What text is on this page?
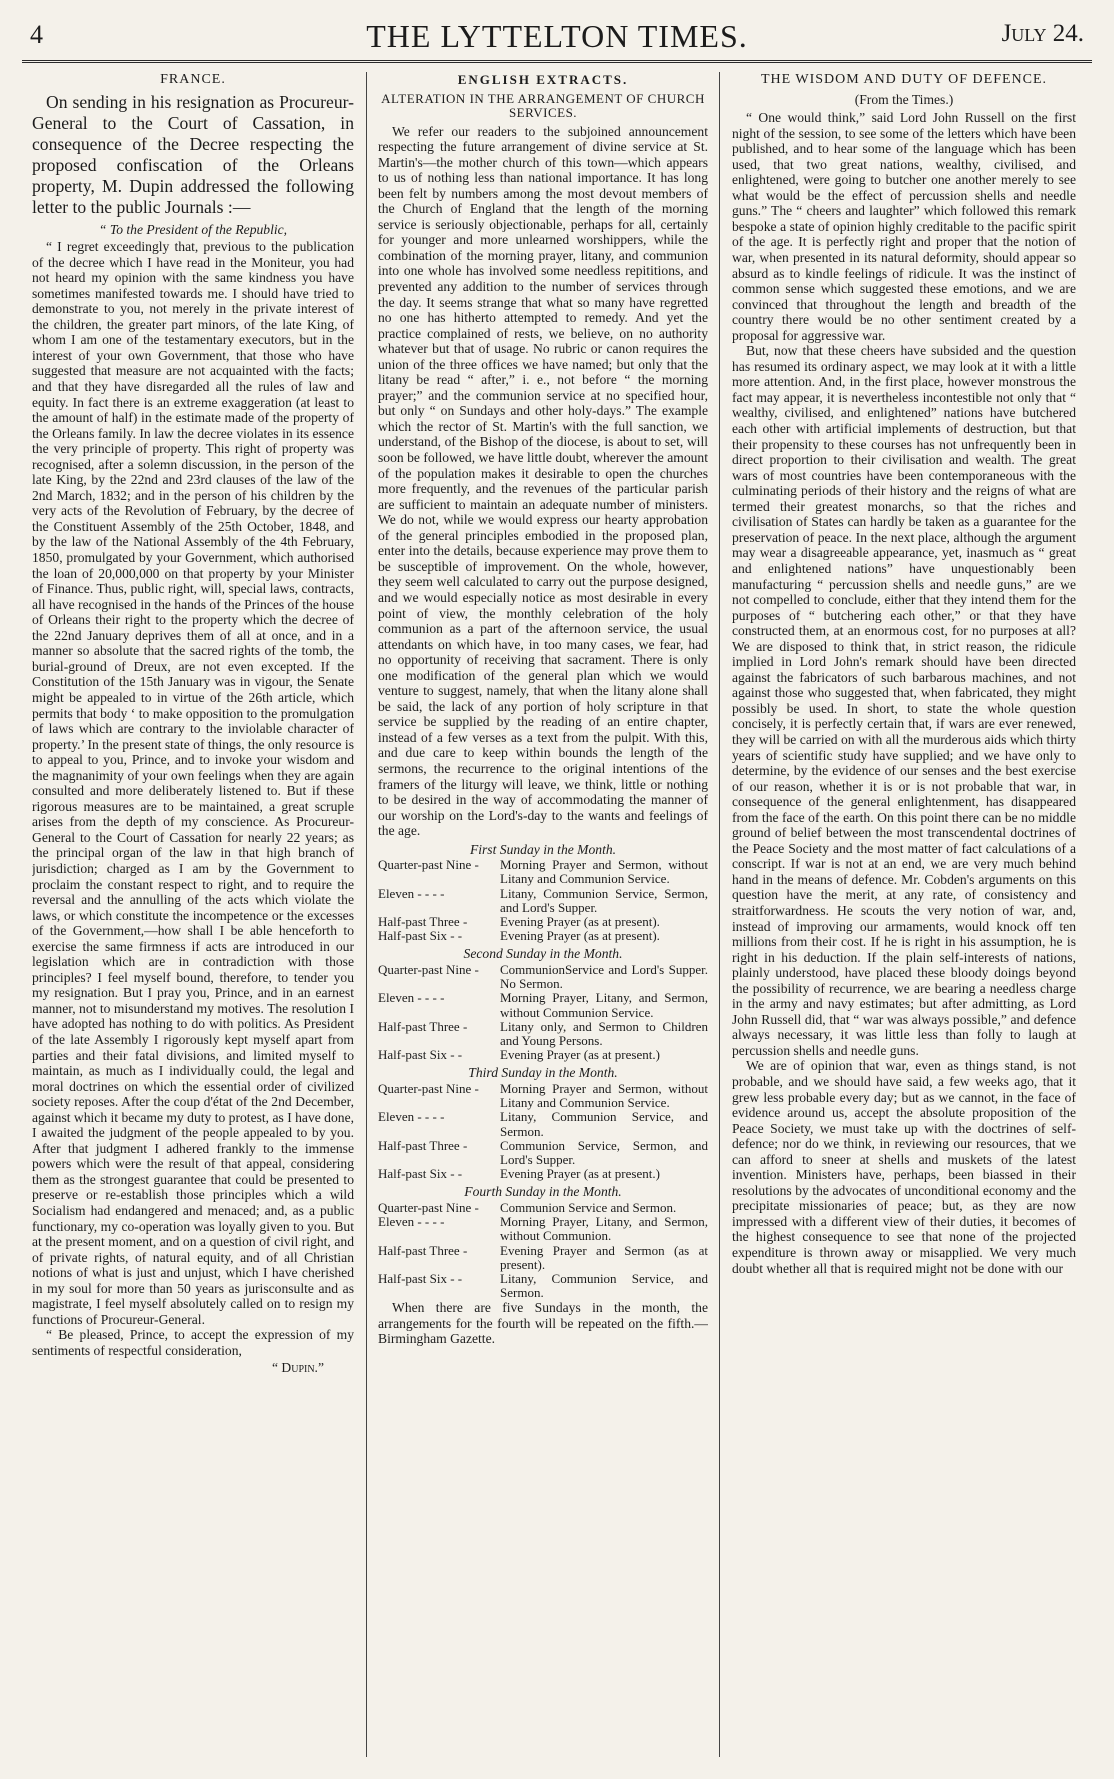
4	THE LYTTELTON TIMES.	July 24.
FRANCE.

On sending in his resignation as Procureur-General to the Court of Cassation, in consequence of the Decree respecting the proposed confiscation of the Orleans property, M. Dupin addressed the following letter to the public Journals :—

“ To the President of the Republic,

“ I regret exceedingly that, previous to the publication of the decree which I have read in the Moniteur, you had not heard my opinion with the same kindness you have sometimes manifested towards me. I should have tried to demonstrate to you, not merely in the private interest of the children, the greater part minors, of the late King, of whom I am one of the testamentary executors, but in the interest of your own Government, that those who have suggested that measure are not acquainted with the facts; and that they have disregarded all the rules of law and equity. In fact there is an extreme exaggeration (at least to the amount of half) in the estimate made of the property of the Orleans family. In law the decree violates in its essence the very principle of property. This right of property was recognised, after a solemn discussion, in the person of the late King, by the 22nd and 23rd clauses of the law of the 2nd March, 1832; and in the person of his children by the very acts of the Revolution of February, by the decree of the Constituent Assembly of the 25th October, 1848, and by the law of the National Assembly of the 4th February, 1850, promulgated by your Government, which authorised the loan of 20,000,000 on that property by your Minister of Finance. Thus, public right, will, special laws, contracts, all have recognised in the hands of the Princes of the house of Orleans their right to the property which the decree of the 22nd January deprives them of all at once, and in a manner so absolute that the sacred rights of the tomb, the burial-ground of Dreux, are not even excepted. If the Constitution of the 15th January was in vigour, the Senate might be appealed to in virtue of the 26th article, which permits that body ‘ to make opposition to the promulgation of laws which are contrary to the inviolable character of property.’ In the present state of things, the only resource is to appeal to you, Prince, and to invoke your wisdom and the magnanimity of your own feelings when they are again consulted and more deliberately listened to. But if these rigorous measures are to be maintained, a great scruple arises from the depth of my conscience. As Procureur-General to the Court of Cassation for nearly 22 years; as the principal organ of the law in that high branch of jurisdiction; charged as I am by the Government to proclaim the constant respect to right, and to require the reversal and the annulling of the acts which violate the laws, or which constitute the incompetence or the excesses of the Government,—how shall I be able henceforth to exercise the same firmness if acts are introduced in our legislation which are in contradiction with those principles? I feel myself bound, therefore, to tender you my resignation. But I pray you, Prince, and in an earnest manner, not to misunderstand my motives. The resolution I have adopted has nothing to do with politics. As President of the late Assembly I rigorously kept myself apart from parties and their fatal divisions, and limited myself to maintain, as much as I individually could, the legal and moral doctrines on which the essential order of civilized society reposes. After the coup d'état of the 2nd December, against which it became my duty to protest, as I have done, I awaited the judgment of the people appealed to by you. After that judgment I adhered frankly to the immense powers which were the result of that appeal, considering them as the strongest guarantee that could be presented to preserve or re-establish those principles which a wild Socialism had endangered and menaced; and, as a public functionary, my co-operation was loyally given to you. But at the present moment, and on a question of civil right, and of private rights, of natural equity, and of all Christian notions of what is just and unjust, which I have cherished in my soul for more than 50 years as jurisconsulte and as magistrate, I feel myself absolutely called on to resign my functions of Procureur-General.

“ Be pleased, Prince, to accept the expression of my sentiments of respectful consideration,

“ Dupin.”
ENGLISH EXTRACTS.
ALTERATION IN THE ARRANGEMENT OF CHURCH SERVICES.

We refer our readers to the subjoined announcement respecting the future arrangement of divine service at St. Martin's—the mother church of this town—which appears to us of nothing less than national importance. It has long been felt by numbers among the most devout members of the Church of England that the length of the morning service is seriously objectionable, perhaps for all, certainly for younger and more unlearned worshippers, while the combination of the morning prayer, litany, and communion into one whole has involved some needless repititions, and prevented any addition to the number of services through the day. It seems strange that what so many have regretted no one has hitherto attempted to remedy. And yet the practice complained of rests, we believe, on no authority whatever but that of usage. No rubric or canon requires the union of the three offices we have named; but only that the litany be read “ after,” i. e., not before “ the morning prayer;” and the communion service at no specified hour, but only “ on Sundays and other holy-days.” The example which the rector of St. Martin's with the full sanction, we understand, of the Bishop of the diocese, is about to set, will soon be followed, we have little doubt, wherever the amount of the population makes it desirable to open the churches more frequently, and the revenues of the particular parish are sufficient to maintain an adequate number of ministers. We do not, while we would express our hearty approbation of the general principles embodied in the proposed plan, enter into the details, because experience may prove them to be susceptible of improvement. On the whole, however, they seem well calculated to carry out the purpose designed, and we would especially notice as most desirable in every point of view, the monthly celebration of the holy communion as a part of the afternoon service, the usual attendants on which have, in too many cases, we fear, had no opportunity of receiving that sacrament. There is only one modification of the general plan which we would venture to suggest, namely, that when the litany alone shall be said, the lack of any portion of holy scripture in that service be supplied by the reading of an entire chapter, instead of a few verses as a text from the pulpit. With this, and due care to keep within bounds the length of the sermons, the recurrence to the original intentions of the framers of the liturgy will leave, we think, little or nothing to be desired in the way of accommodating the manner of our worship on the Lord's-day to the wants and feelings of the age.

First Sunday in the Month.
Quarter-past Nine -	Morning Prayer and Sermon, without Litany and Communion Service.
Eleven - - - -	Litany, Communion Service, Sermon, and Lord's Supper.
Half-past Three -	Evening Prayer (as at present).
Half-past Six - -	Evening Prayer (as at present).
Second Sunday in the Month.
Quarter-past Nine -	CommunionService and Lord's Supper. No Sermon.
Eleven - - - -	Morning Prayer, Litany, and Sermon, without Communion Service.
Half-past Three -	Litany only, and Sermon to Children and Young Persons.
Half-past Six - -	Evening Prayer (as at present.)
Third Sunday in the Month.
Quarter-past Nine -	Morning Prayer and Sermon, without Litany and Communion Service.
Eleven - - - -	Litany, Communion Service, and Sermon.
Half-past Three -	Communion Service, Sermon, and Lord's Supper.
Half-past Six - -	Evening Prayer (as at present.)
Fourth Sunday in the Month.
Quarter-past Nine -	Communion Service and Sermon.
Eleven - - - -	Morning Prayer, Litany, and Sermon, without Communion.
Half-past Three -	Evening Prayer and Sermon (as at present).
Half-past Six - -	Litany, Communion Service, and Sermon.

When there are five Sundays in the month, the arrangements for the fourth will be repeated on the fifth.—Birmingham Gazette.

THE WISDOM AND DUTY OF DEFENCE.
(From the Times.)

“ One would think,” said Lord John Russell on the first night of the session, to see some of the letters which have been published, and to hear some of the language which has been used, that two great nations, wealthy, civilised, and enlightened, were going to butcher one another merely to see what would be the effect of percussion shells and needle guns.” The “ cheers and laughter” which followed this remark bespoke a state of opinion highly creditable to the pacific spirit of the age. It is perfectly right and proper that the notion of war, when presented in its natural deformity, should appear so absurd as to kindle feelings of ridicule. It was the instinct of common sense which suggested these emotions, and we are convinced that throughout the length and breadth of the country there would be no other sentiment created by a proposal for aggressive war.

But, now that these cheers have subsided and the question has resumed its ordinary aspect, we may look at it with a little more attention. And, in the first place, however monstrous the fact may appear, it is nevertheless incontestible not only that “ wealthy, civilised, and enlightened” nations have butchered each other with artificial implements of destruction, but that their propensity to these courses has not unfrequently been in direct proportion to their civilisation and wealth. The great wars of most countries have been contemporaneous with the culminating periods of their history and the reigns of what are termed their greatest monarchs, so that the riches and civilisation of States can hardly be taken as a guarantee for the preservation of peace. In the next place, although the argument may wear a disagreeable appearance, yet, inasmuch as “ great and enlightened nations” have unquestionably been manufacturing “ percussion shells and needle guns,” are we not compelled to conclude, either that they intend them for the purposes of “ butchering each other,” or that they have constructed them, at an enormous cost, for no purposes at all? We are disposed to think that, in strict reason, the ridicule implied in Lord John's remark should have been directed against the fabricators of such barbarous machines, and not against those who suggested that, when fabricated, they might possibly be used. In short, to state the whole question concisely, it is perfectly certain that, if wars are ever renewed, they will be carried on with all the murderous aids which thirty years of scientific study have supplied; and we have only to determine, by the evidence of our senses and the best exercise of our reason, whether it is or is not probable that war, in consequence of the general enlightenment, has disappeared from the face of the earth. On this point there can be no middle ground of belief between the most transcendental doctrines of the Peace Society and the most matter of fact calculations of a conscript. If war is not at an end, we are very much behind hand in the means of defence. Mr. Cobden's arguments on this question have the merit, at any rate, of consistency and straitforwardness. He scouts the very notion of war, and, instead of improving our armaments, would knock off ten millions from their cost. If he is right in his assumption, he is right in his deduction. If the plain self-interests of nations, plainly understood, have placed these bloody doings beyond the possibility of recurrence, we are bearing a needless charge in the army and navy estimates; but after admitting, as Lord John Russell did, that “ war was always possible,” and defence always necessary, it was little less than folly to laugh at percussion shells and needle guns.

We are of opinion that war, even as things stand, is not probable, and we should have said, a few weeks ago, that it grew less probable every day; but as we cannot, in the face of evidence around us, accept the absolute proposition of the Peace Society, we must take up with the doctrines of self-defence; nor do we think, in reviewing our resources, that we can afford to sneer at shells and muskets of the latest invention. Ministers have, perhaps, been biassed in their resolutions by the advocates of unconditional economy and the precipitate missionaries of peace; but, as they are now impressed with a different view of their duties, it becomes of the highest consequence to see that none of the projected expenditure is thrown away or misapplied. We very much doubt whether all that is required might not be done with our
